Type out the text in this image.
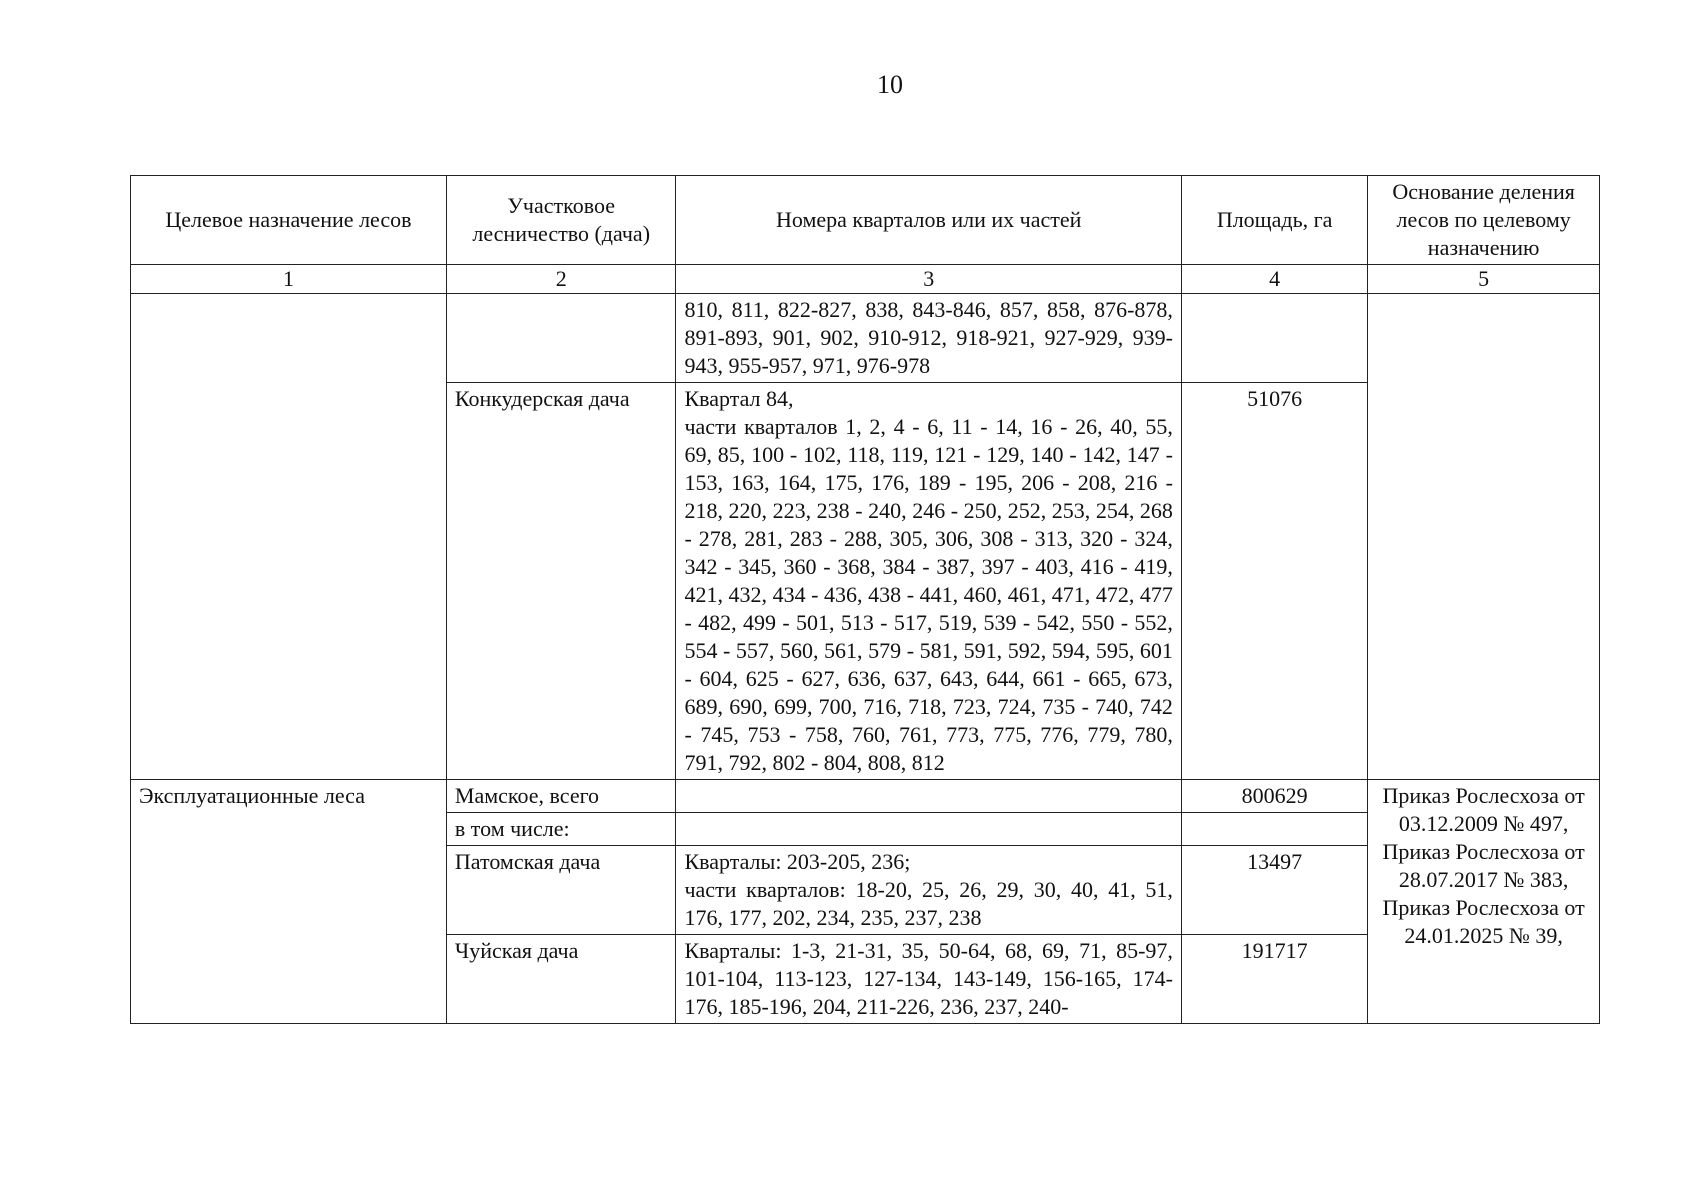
10
Целевое назначение лесов	Участковое лесничество (дача)	Номера кварталов или их частей	Площадь, га	Основание деления лесов по целевому назначению
1	2	3	4	5
		810, 811, 822-827, 838, 843-846, 857, 858, 876-878, 891-893, 901, 902, 910-912, 918-921, 927-929, 939-943, 955-957, 971, 976-978		
	Конкудерская дача	Квартал 84,
части кварталов 1, 2, 4 - 6, 11 - 14, 16 - 26, 40, 55, 69, 85, 100 - 102, 118, 119, 121 - 129, 140 - 142, 147 - 153, 163, 164, 175, 176, 189 - 195, 206 - 208, 216 - 218, 220, 223, 238 - 240, 246 - 250, 252, 253, 254, 268 - 278, 281, 283 - 288, 305, 306, 308 - 313, 320 - 324, 342 - 345, 360 - 368, 384 - 387, 397 - 403, 416 - 419, 421, 432, 434 - 436, 438 - 441, 460, 461, 471, 472, 477 - 482, 499 - 501, 513 - 517, 519, 539 - 542, 550 - 552, 554 - 557, 560, 561, 579 - 581, 591, 592, 594, 595, 601 - 604, 625 - 627, 636, 637, 643, 644, 661 - 665, 673, 689, 690, 699, 700, 716, 718, 723, 724, 735 - 740, 742 - 745, 753 - 758, 760, 761, 773, 775, 776, 779, 780, 791, 792, 802 - 804, 808, 812	51076	
Эксплуатационные леса	Мамское, всего		800629	Приказ Рослесхоза от 03.12.2009 № 497, Приказ Рослесхоза от 28.07.2017 № 383, Приказ Рослесхоза от 24.01.2025 № 39,
	в том числе:			
	Патомская дача	Кварталы: 203-205, 236;
части кварталов: 18-20, 25, 26, 29, 30, 40, 41, 51, 176, 177, 202, 234, 235, 237, 238	13497	
	Чуйская дача	Кварталы: 1-3, 21-31, 35, 50-64, 68, 69, 71, 85-97, 101-104, 113-123, 127-134, 143-149, 156-165, 174-176, 185-196, 204, 211-226, 236, 237, 240-	191717	
